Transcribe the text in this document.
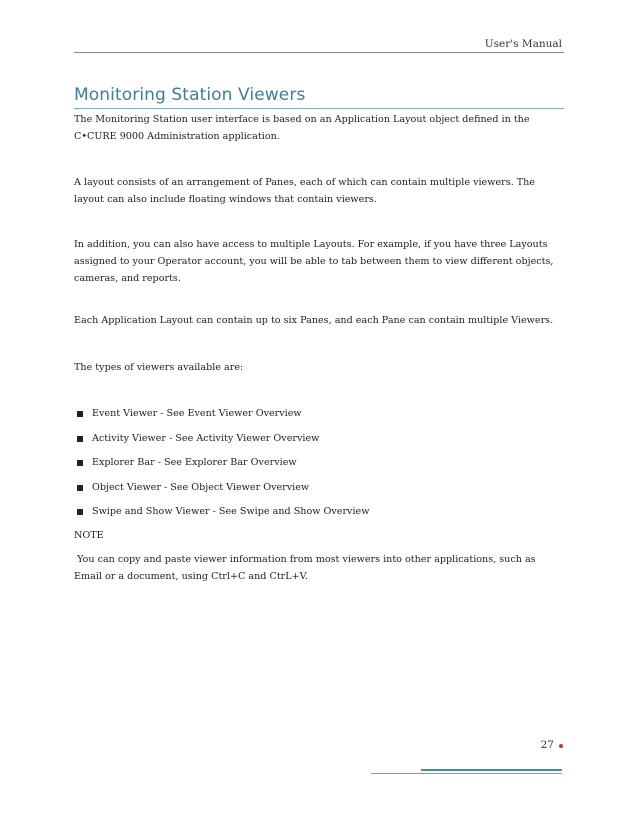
User's Manual
Monitoring Station Viewers

The Monitoring Station user interface is based on an Application Layout object defined in the C•CURE 9000 Administration application.

A layout consists of an arrangement of Panes, each of which can contain multiple viewers. The layout can also include floating windows that contain viewers.

In addition, you can also have access to multiple Layouts. For example, if you have three Layouts assigned to your Operator account, you will be able to tab between them to view different objects, cameras, and reports.

Each Application Layout can contain up to six Panes, and each Pane can contain multiple Viewers.

The types of viewers available are:

Event Viewer - See Event Viewer Overview
Activity Viewer - See Activity Viewer Overview
Explorer Bar - See Explorer Bar Overview
Object Viewer - See Object Viewer Overview
Swipe and Show Viewer - See Swipe and Show Overview

NOTE

You can copy and paste viewer information from most viewers into other applications, such as Email or a document, using Ctrl+C and CtrL+V.

27
